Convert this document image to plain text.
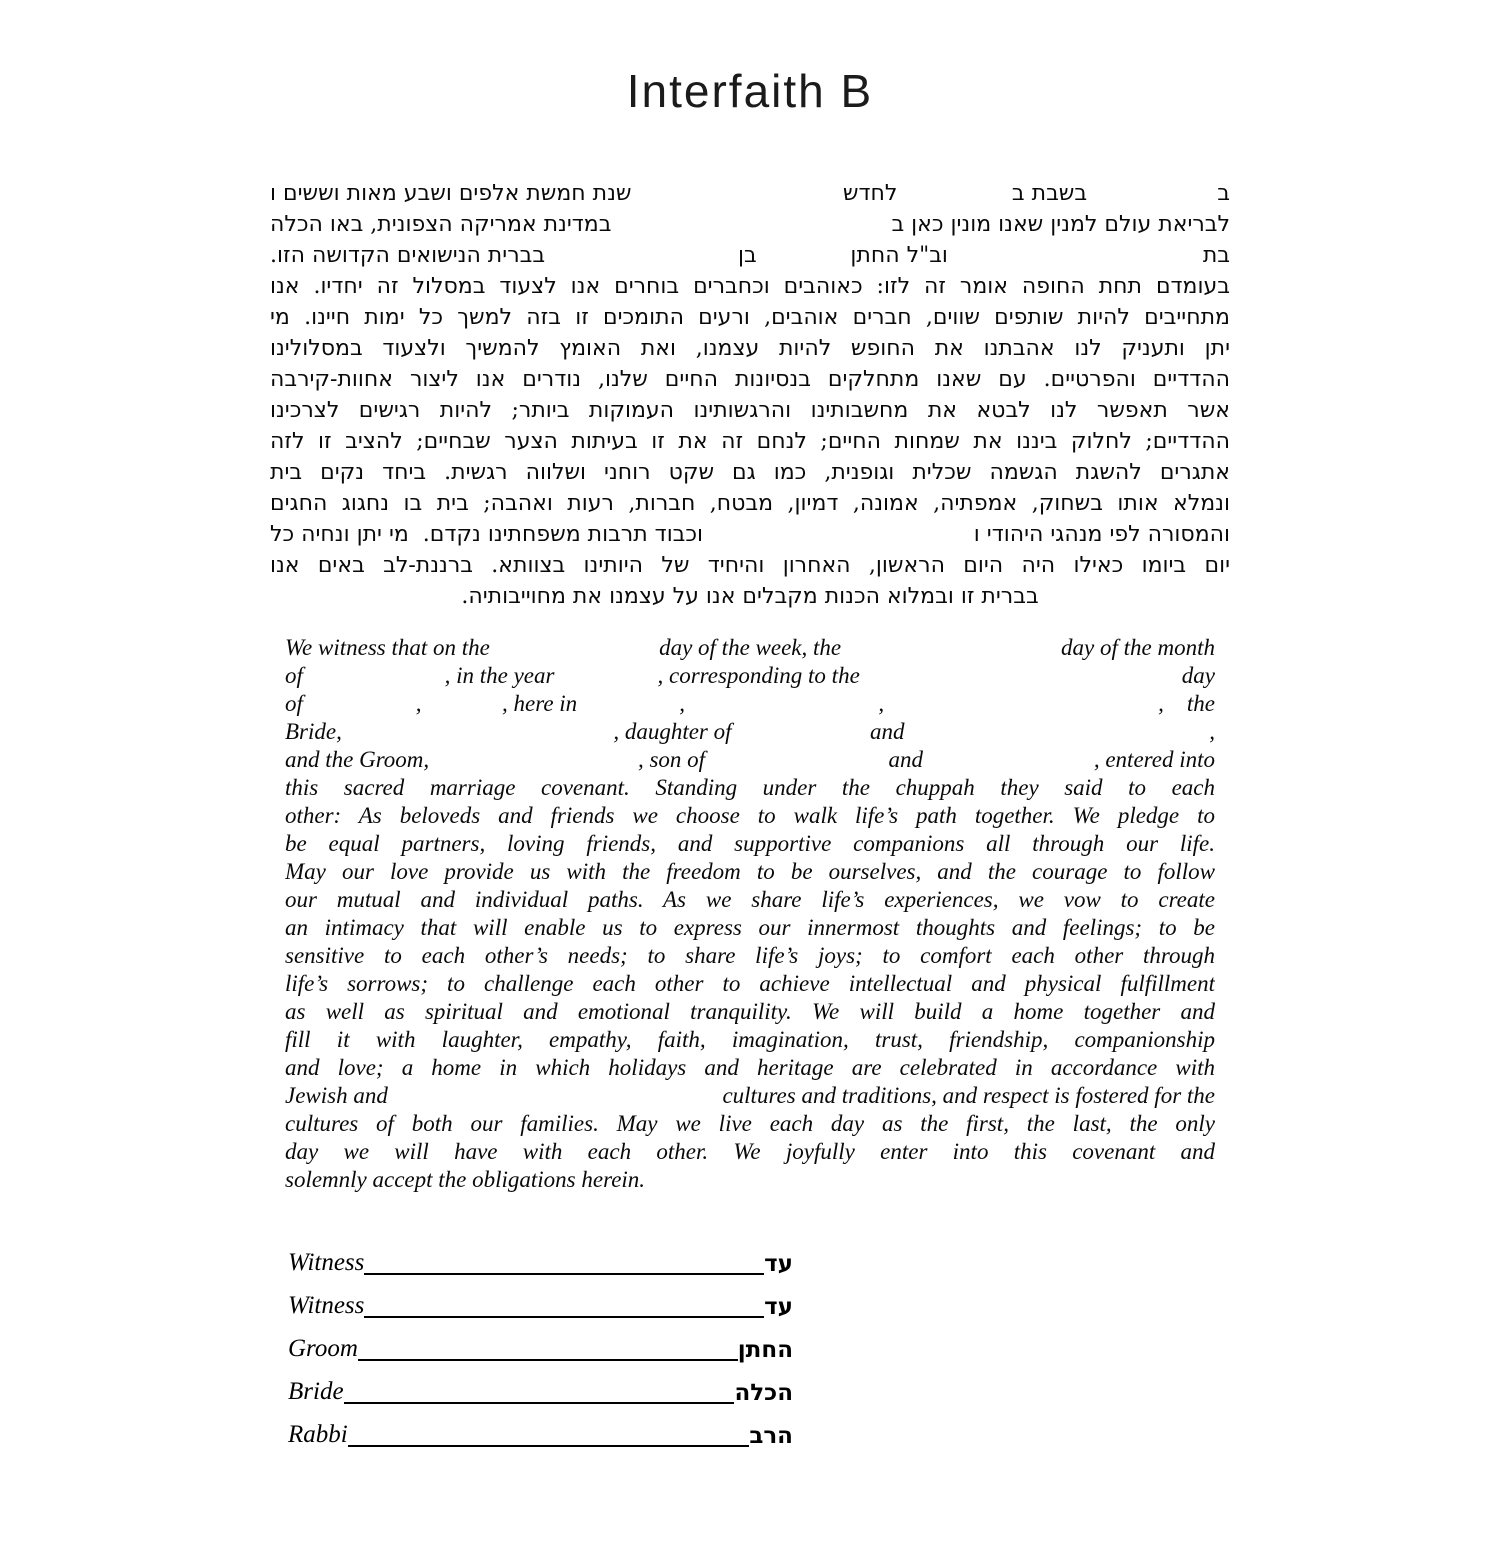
Interfaith B
ב
בשבת ב
לחדש
שנת חמשת אלפים ושבע מאות וששים ו
לבריאת עולם למנין שאנו מונין כאן ב
במדינת אמריקה הצפונית, באו הכלה
בת
וב"ל החתן
בן
בברית הנישואים הקדושה הזו.
בעומדם תחת החופה אומר זה לזו: כאוהבים וכחברים בוחרים אנו לצעוד במסלול זה יחדיו. אנו
מתחייבים להיות שותפים שווים, חברים אוהבים, ורעים התומכים זו בזה למשך כל ימות חיינו. מי
יתן ותעניק לנו אהבתנו את החופש להיות עצמנו, ואת האומץ להמשיך ולצעוד במסלולינו
ההדדיים והפרטיים. עם שאנו מתחלקים בנסיונות החיים שלנו, נודרים אנו ליצור אחוות-קירבה
אשר תאפשר לנו לבטא את מחשבותינו והרגשותינו העמוקות ביותר; להיות רגישים לצרכינו
ההדדיים; לחלוק ביננו את שמחות החיים; לנחם זה את זו בעיתות הצער שבחיים; להציב זו לזה
אתגרים להשגת הגשמה שכלית וגופנית, כמו גם שקט רוחני ושלווה רגשית. ביחד נקים בית
ונמלא אותו בשחוק, אמפתיה, אמונה, דמיון, מבטח, חברות, רעות ואהבה; בית בו נחגוג החגים
והמסורה לפי מנהגי היהודי ו
וכבוד תרבות משפחתינו נקדם.  מי יתן ונחיה כל
יום ביומו כאילו היה היום הראשון, האחרון והיחיד של היותינו בצוותא. ברננת-לב באים אנו
בברית זו ובמלוא הכנות מקבלים אנו על עצמנו את מחוייבותיה.
We witness that on the	day of the week, the	day of the month
of	, in the year	, corresponding to the	day
of	,	, here in	,	,	,    the
Bride,	, daughter of	and	,
and the Groom,	, son of	and	, entered into
this sacred marriage covenant. Standing under the chuppah they said to each
other: As beloveds and friends we choose to walk life’s path together. We pledge to
be equal partners, loving friends, and supportive companions all through our life.
May our love provide us with the freedom to be ourselves, and the courage to follow
our mutual and individual paths. As we share life’s experiences, we vow to create
an intimacy that will enable us to express our innermost thoughts and feelings; to be
sensitive to each other’s needs; to share life’s joys; to comfort each other through
life’s sorrows; to challenge each other to achieve intellectual and physical fulfillment
as well as spiritual and emotional tranquility. We will build a home together and
fill it with laughter, empathy, faith, imagination, trust, friendship, companionship
and love; a home in which holidays and heritage are celebrated in accordance with
Jewish and	cultures and traditions, and respect is fostered for the
cultures of both our families. May we live each day as the first, the last, the only
day we will have with each other. We joyfully enter into this covenant and
solemnly accept the obligations herein.
Witness	עד
Witness	עד
Groom	החתן
Bride	הכלה
Rabbi	הרב
